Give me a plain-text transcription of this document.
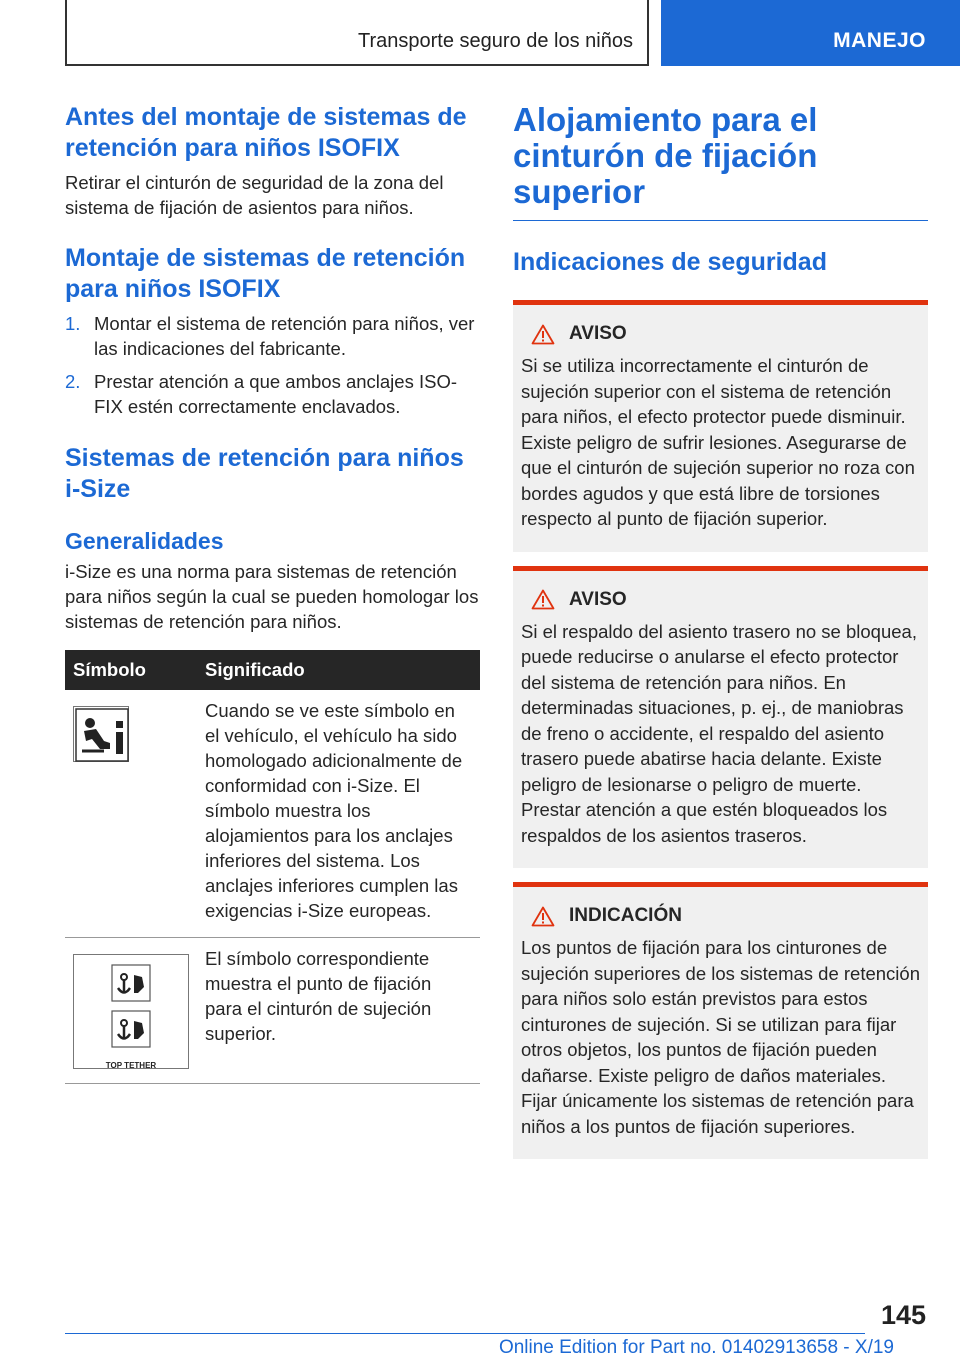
Transporte seguro de los niños	MANEJO
Antes del montaje de sistemas de retención para niños ISOFIX
Retirar el cinturón de seguridad de la zona del sistema de fijación de asientos para niños.
Montaje de sistemas de retención para niños ISOFIX
1. Montar el sistema de retención para niños, ver las indicaciones del fabricante.
2. Prestar atención a que ambos anclajes ISO-FIX estén correctamente enclavados.
Sistemas de retención para niños i-Size
Generalidades
i-Size es una norma para sistemas de retención para niños según la cual se pueden homologar los sistemas de retención para niños.
Símbolo	Significado

	Cuando se ve este símbolo en el vehículo, el vehículo ha sido homologado adicionalmente de conformidad con i-Size. El símbolo muestra los alojamientos para los anclajes inferiores del sistema. Los anclajes inferiores cumplen las exigencias i-Size europeas.

TOP TETHER	El símbolo correspondiente muestra el punto de fijación para el cinturón de sujeción superior.
Alojamiento para el cinturón de fijación superior
Indicaciones de seguridad
AVISO
Si se utiliza incorrectamente el cinturón de sujeción superior con el sistema de retención para niños, el efecto protector puede disminuir. Existe peligro de sufrir lesiones. Asegurarse de que el cinturón de sujeción superior no roza con bordes agudos y que está libre de torsiones respecto al punto de fijación superior.
AVISO
Si el respaldo del asiento trasero no se bloquea, puede reducirse o anularse el efecto protector del sistema de retención para niños. En determinadas situaciones, p. ej., de maniobras de freno o accidente, el respaldo del asiento trasero puede abatirse hacia delante. Existe peligro de lesionarse o peligro de muerte. Prestar atención a que estén bloqueados los respaldos de los asientos traseros.
INDICACIÓN
Los puntos de fijación para los cinturones de sujeción superiores de los sistemas de retención para niños solo están previstos para estos cinturones de sujeción. Si se utilizan para fijar otros objetos, los puntos de fijación pueden dañarse. Existe peligro de daños materiales. Fijar únicamente los sistemas de retención para niños a los puntos de fijación superiores.
145
Online Edition for Part no. 01402913658 - X/19
